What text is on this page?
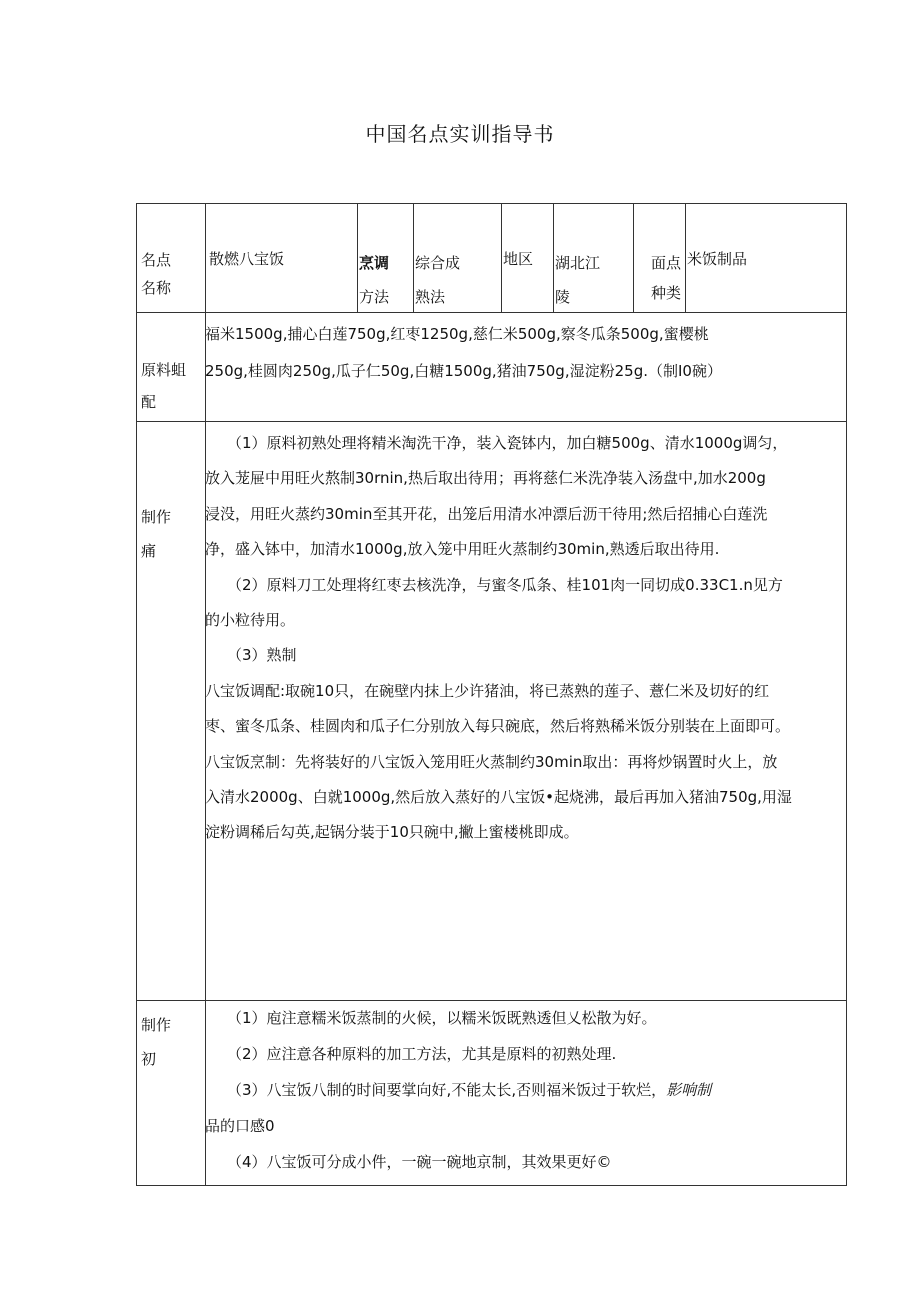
中国名点实训指导书
名点
名称
散燃八宝饭	烹调
方法
综合成
熟法
地区 湖北江
陵
面点
种类
米饭制品
原料蛆
配

福米1500g,捕心白莲750g,红枣1250g,慈仁米500g,察冬瓜条500g,蜜樱桃

250g,桂圆肉250g,瓜子仁50g,白糖1500g,猪油750g,湿淀粉25g.（制I0碗）

制作
痛

（1）原料初熟处理将精米淘洗干净，装入瓷钵内，加白糖500g、清水1000g调匀，

放入茏屉中用旺火熬制30rnin,热后取出待用；再将慈仁米洗净装入汤盘中,加水200g

浸没，用旺火蒸约30min至其开花，出笼后用清水冲漂后沥干待用;然后招捕心白莲洗

净，盛入钵中，加清水1000g,放入笼中用旺火蒸制约30min,熟透后取出待用.

（2）原料刀工处理将红枣去核洗净，与蜜冬瓜条、桂101肉一同切成0.33C1.n见方

的小粒待用。

（3）熟制

八宝饭调配:取碗10只，在碗壁内抹上少许猪油，将已蒸熟的莲子、薏仁米及切好的红

枣、蜜冬瓜条、桂圆肉和瓜子仁分别放入每只碗底，然后将熟稀米饭分别装在上面即可。

八宝饭烹制：先将装好的八宝饭入笼用旺火蒸制约30min取出：再将炒锅置时火上，放

入清水2000g、白就1000g,然后放入蒸好的八宝饭•起烧沸，最后再加入猪油750g,用湿

淀粉调稀后勾英,起锅分装于10只碗中,撇上蜜楼桃即成。

制作
初

（1）庖注意糯米饭蒸制的火候，以糯米饭既熟透但乂松散为好。

（2）应注意各种原料的加工方法，尤其是原料的初熟处理.

（3）八宝饭八制的时间要掌向好,不能太长,否则福米饭过于软烂，影响制

品的口感0

（4）八宝饭可分成小件，一碗一碗地京制，其效果更好©
